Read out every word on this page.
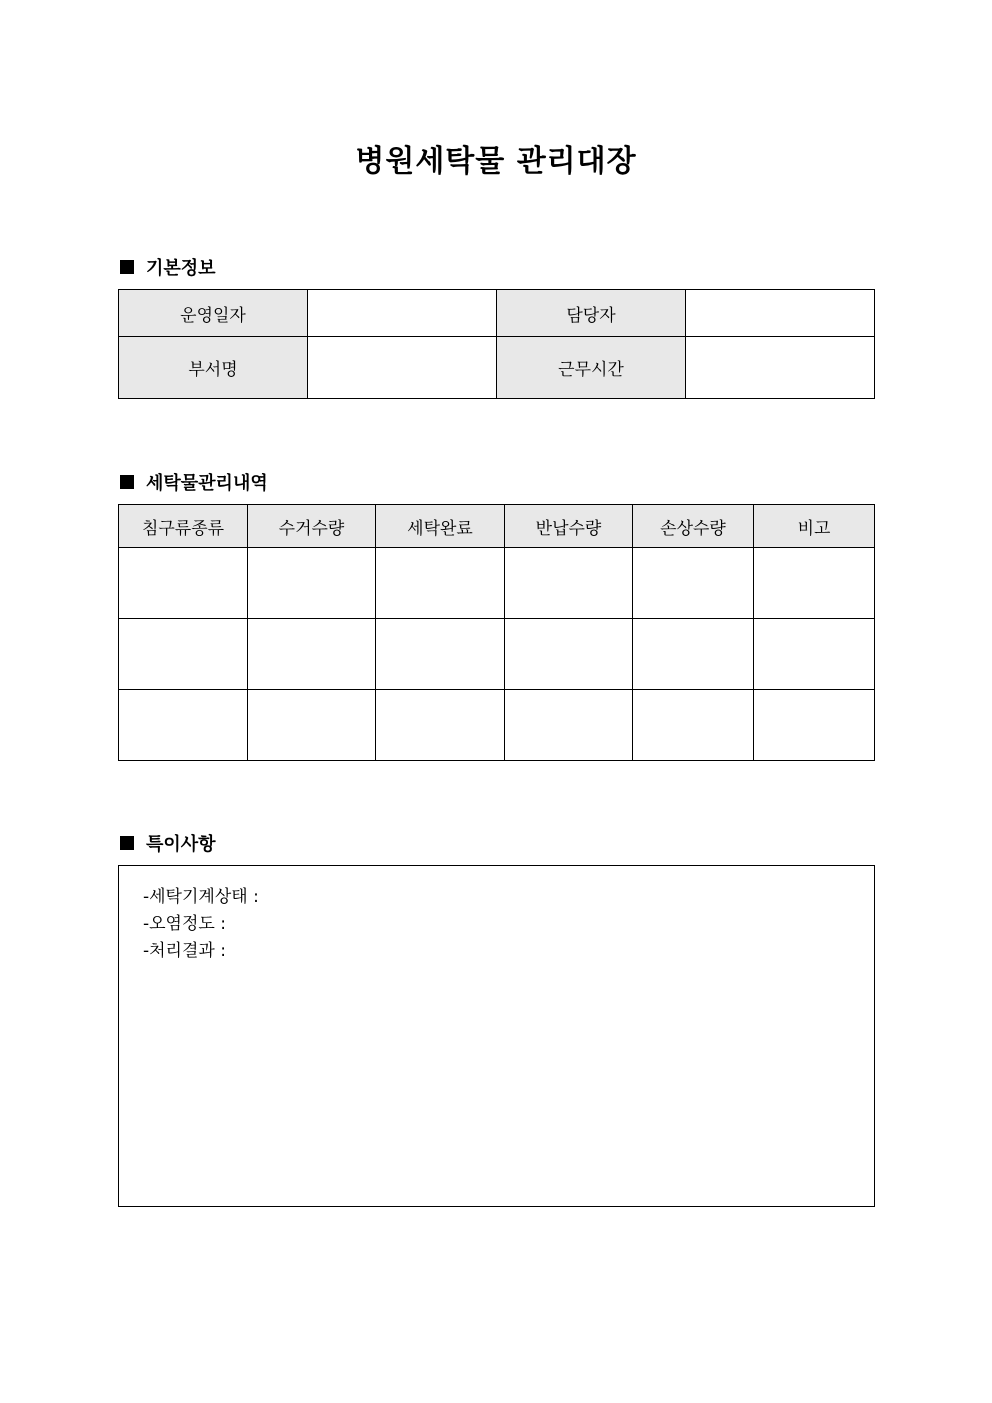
병원세탁물 관리대장
기본정보
운영일자		담당자	
부서명		근무시간	
세탁물관리내역
침구류종류	수거수량	세탁완료	반납수량	손상수량	비고

특이사항
-세탁기계상태 :
-오염정도 :
-처리결과 :
